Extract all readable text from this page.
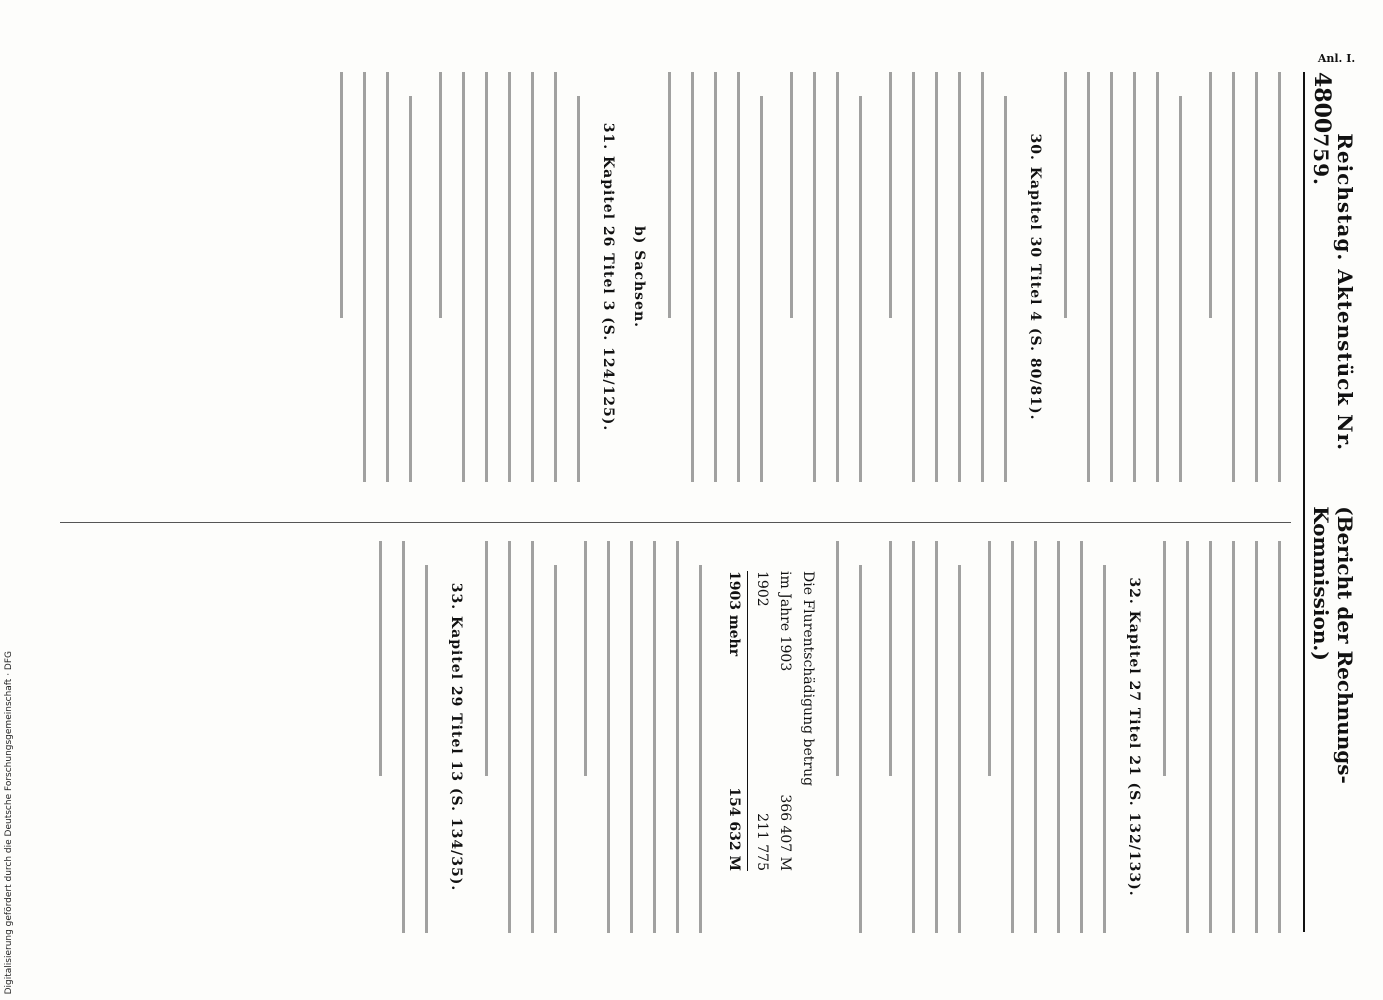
Anl. I.
4800
Reichstag. Aktenstück Nr. 759.
(Bericht der Rechnungs-Kommission.)
30. Kapitel 30 Titel 4 (S. 80/81).
b) Sachsen.
31. Kapitel 26 Titel 3 (S. 124/125).
32. Kapitel 27 Titel 21 (S. 132/133).
Die Flurentschädigung betrug
im Jahre 1903
366 407 M
1902
211 775
1903 mehr
154 632 M
33. Kapitel 29 Titel 13 (S. 134/35).
Digitalisierung gefördert durch die Deutsche Forschungsgemeinschaft · DFG
